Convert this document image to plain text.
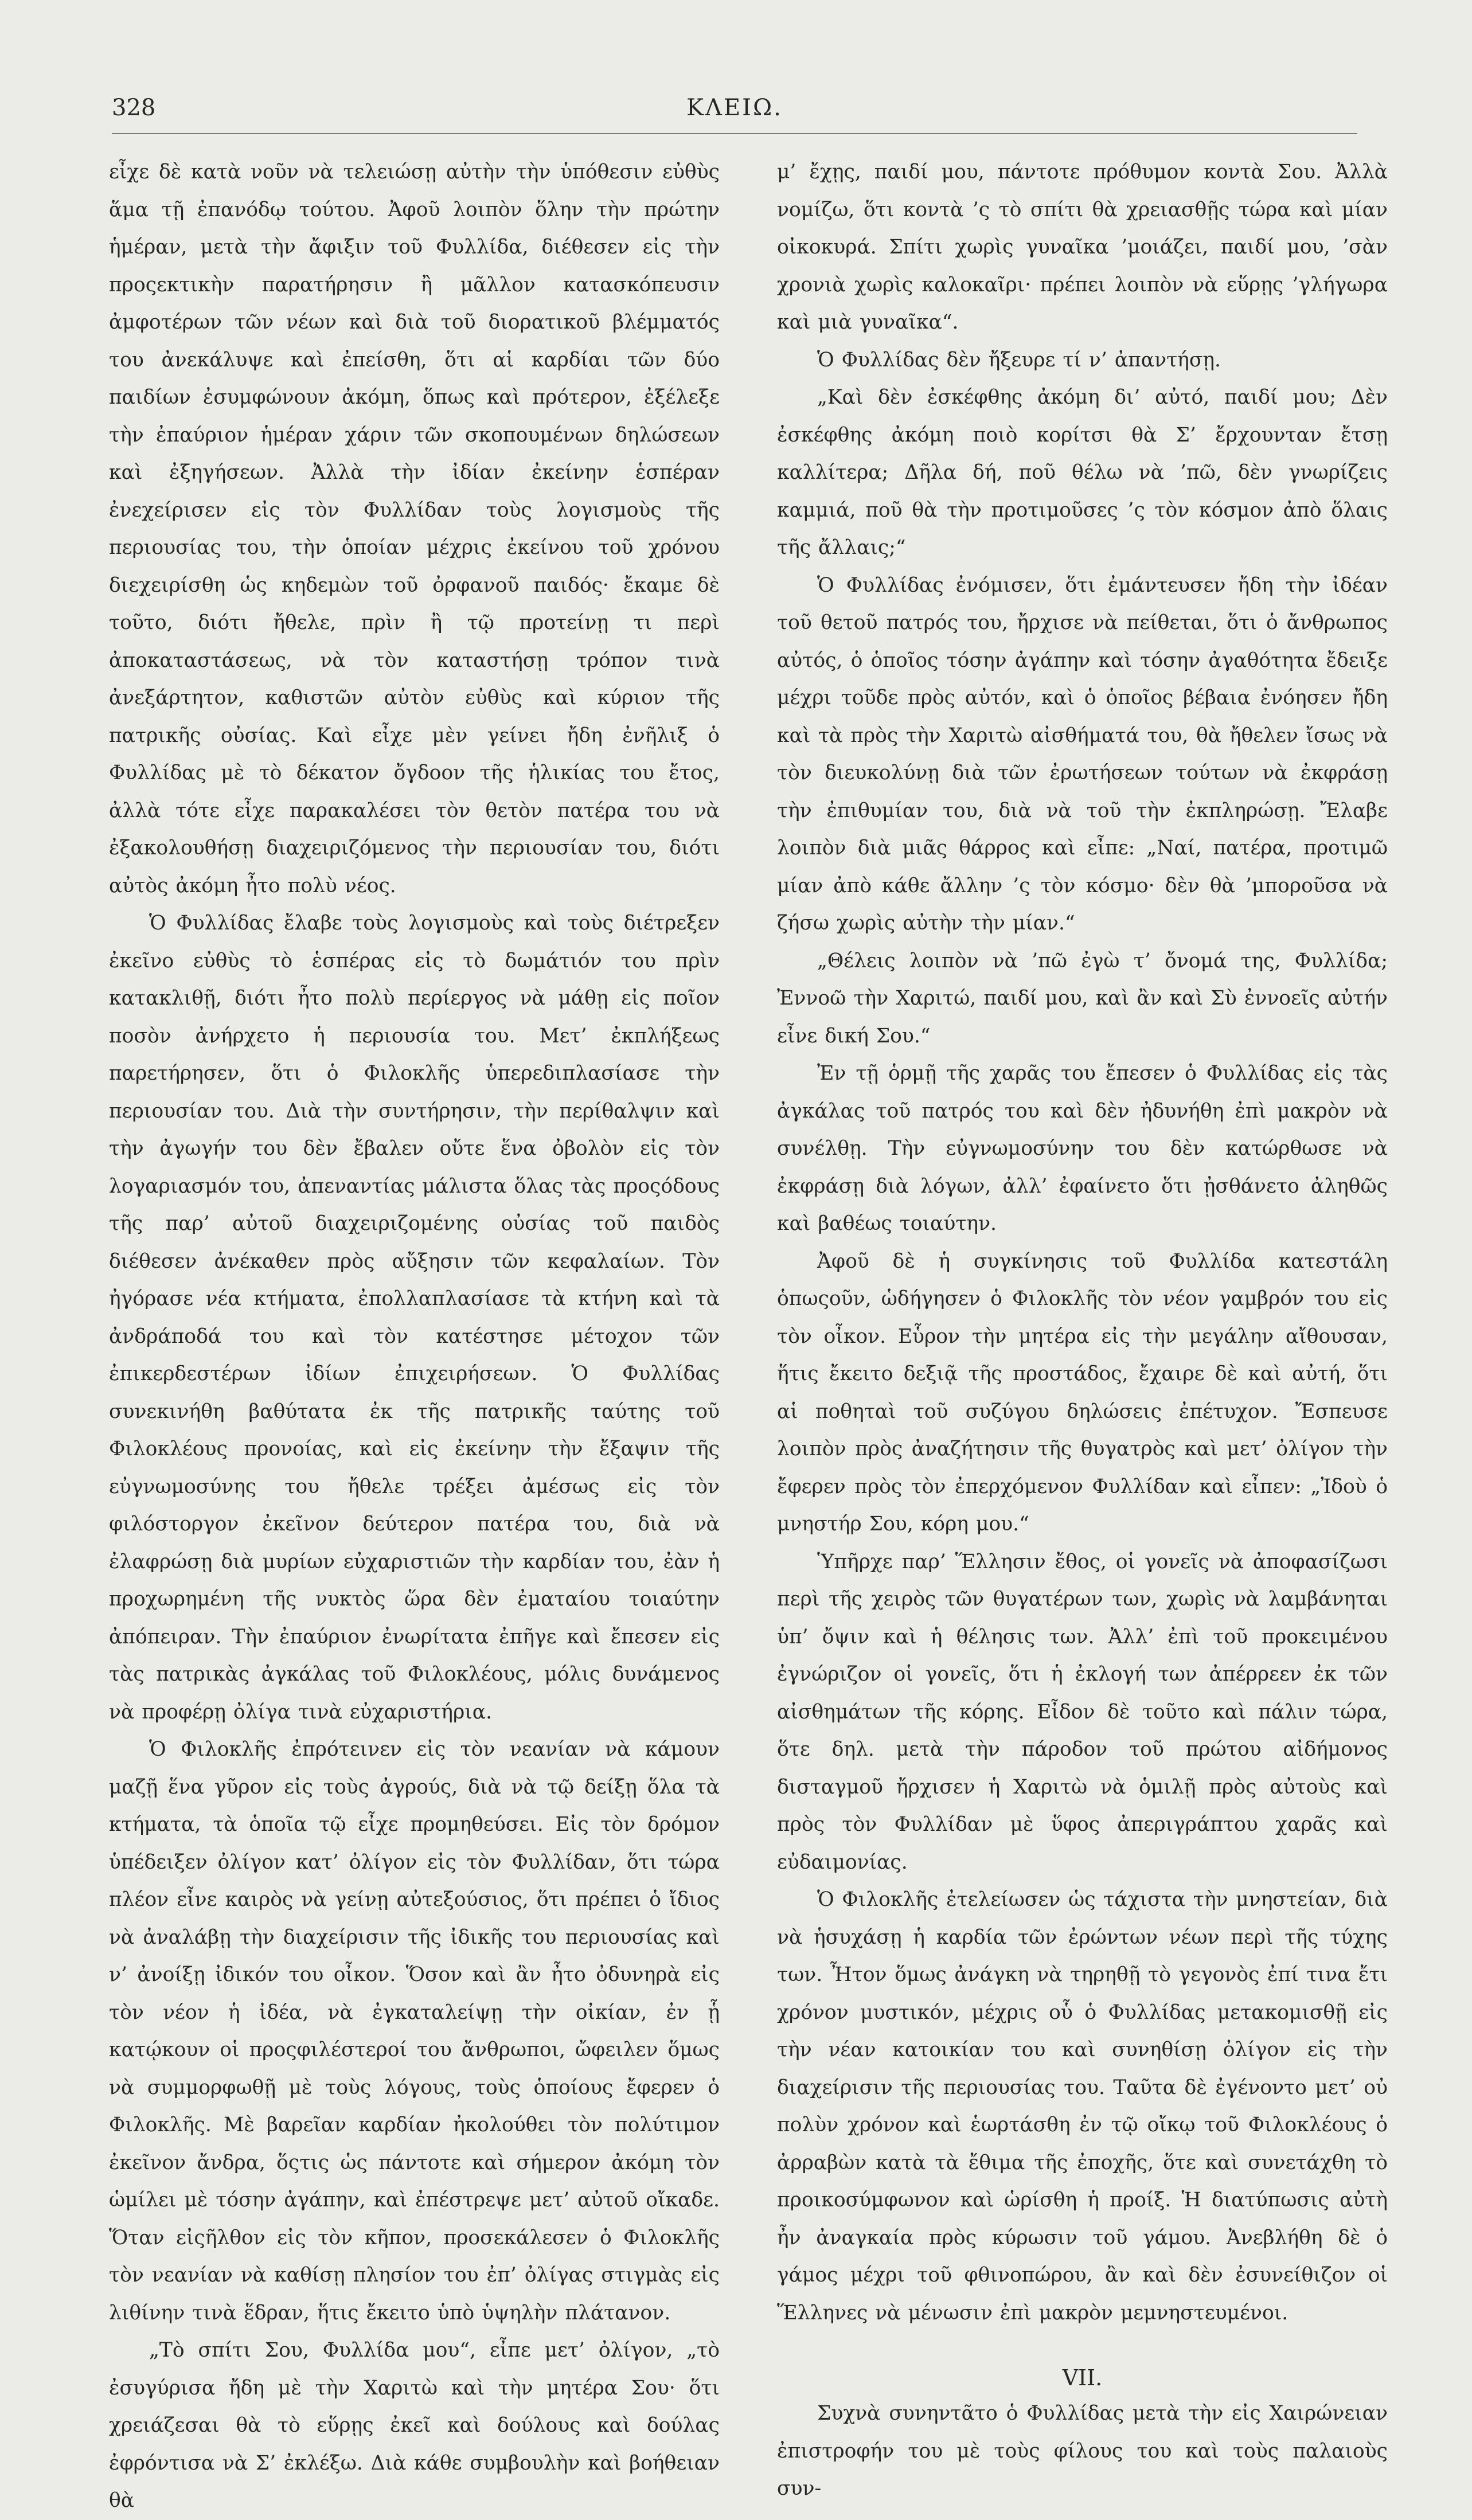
328	ΚΛΕΙΩ.

εἶχε δὲ κατὰ νοῦν νὰ τελειώσῃ αὐτὴν τὴν ὑπόθεσιν εὐθὺς ἅμα τῇ ἐπανόδῳ τούτου. Ἀφοῦ λοιπὸν ὅλην τὴν πρώτην ἡμέραν, μετὰ τὴν ἄφιξιν τοῦ Φυλλίδα, διέθεσεν εἰς τὴν προςεκτικὴν παρατήρησιν ἢ μᾶλλον κατασκόπευσιν ἀμφοτέρων τῶν νέων καὶ διὰ τοῦ διορατικοῦ βλέμματός του ἀνεκάλυψε καὶ ἐπείσθη, ὅτι αἱ καρδίαι τῶν δύο παιδίων ἐσυμφώνουν ἀκόμη, ὅπως καὶ πρότερον, ἐξέλεξε τὴν ἐπαύριον ἡμέραν χάριν τῶν σκοπουμένων δηλώσεων καὶ ἐξηγήσεων. Ἀλλὰ τὴν ἰδίαν ἐκείνην ἑσπέραν ἐνεχείρισεν εἰς τὸν Φυλλίδαν τοὺς λογισμοὺς τῆς περιουσίας του, τὴν ὁποίαν μέχρις ἐκείνου τοῦ χρόνου διεχειρίσθη ὡς κηδεμὼν τοῦ ὀρφανοῦ παιδός· ἔκαμε δὲ τοῦτο, διότι ἤθελε, πρὶν ἢ τῷ προτείνῃ τι περὶ ἀποκαταστάσεως, νὰ τὸν καταστήσῃ τρόπον τινὰ ἀνεξάρτητον, καθιστῶν αὐτὸν εὐθὺς καὶ κύριον τῆς πατρικῆς οὐσίας. Καὶ εἶχε μὲν γείνει ἤδη ἐνῆλιξ ὁ Φυλλίδας μὲ τὸ δέκατον ὄγδοον τῆς ἡλικίας του ἔτος, ἀλλὰ τότε εἶχε παρακαλέσει τὸν θετὸν πατέρα του νὰ ἐξακολουθήσῃ διαχειριζόμενος τὴν περιουσίαν του, διότι αὐτὸς ἀκόμη ἦτο πολὺ νέος.

Ὁ Φυλλίδας ἔλαβε τοὺς λογισμοὺς καὶ τοὺς διέτρεξεν ἐκεῖνο εὐθὺς τὸ ἑσπέρας εἰς τὸ δωμάτιόν του πρὶν κατακλιθῇ, διότι ἦτο πολὺ περίεργος νὰ μάθῃ εἰς ποῖον ποσὸν ἀνήρχετο ἡ περιουσία του. Μετ’ ἐκπλήξεως παρετήρησεν, ὅτι ὁ Φιλοκλῆς ὑπερεδιπλασίασε τὴν περιουσίαν του. Διὰ τὴν συντήρησιν, τὴν περίθαλψιν καὶ τὴν ἀγωγήν του δὲν ἔβαλεν οὔτε ἕνα ὀβολὸν εἰς τὸν λογαριασμόν του, ἀπεναντίας μάλιστα ὅλας τὰς προςόδους τῆς παρ’ αὐτοῦ διαχειριζομένης οὐσίας τοῦ παιδὸς διέθεσεν ἀνέκαθεν πρὸς αὔξησιν τῶν κεφαλαίων. Τὸν ἠγόρασε νέα κτήματα, ἐπολλαπλασίασε τὰ κτήνη καὶ τὰ ἀνδράποδά του καὶ τὸν κατέστησε μέτοχον τῶν ἐπικερδεστέρων ἰδίων ἐπιχειρήσεων. Ὁ Φυλλίδας συνεκινήθη βαθύτατα ἐκ τῆς πατρικῆς ταύτης τοῦ Φιλοκλέους προνοίας, καὶ εἰς ἐκείνην τὴν ἔξαψιν τῆς εὐγνωμοσύνης του ἤθελε τρέξει ἀμέσως εἰς τὸν φιλόστοργον ἐκεῖνον δεύτερον πατέρα του, διὰ νὰ ἐλαφρώσῃ διὰ μυρίων εὐχαριστιῶν τὴν καρδίαν του, ἐὰν ἡ προχωρημένη τῆς νυκτὸς ὥρα δὲν ἐματαίου τοιαύτην ἀπόπειραν. Τὴν ἐπαύριον ἐνωρίτατα ἐπῆγε καὶ ἔπεσεν εἰς τὰς πατρικὰς ἀγκάλας τοῦ Φιλοκλέους, μόλις δυνάμενος νὰ προφέρῃ ὀλίγα τινὰ εὐχαριστήρια.

Ὁ Φιλοκλῆς ἐπρότεινεν εἰς τὸν νεανίαν νὰ κάμουν μαζῇ ἕνα γῦρον εἰς τοὺς ἀγρούς, διὰ νὰ τῷ δείξῃ ὅλα τὰ κτήματα, τὰ ὁποῖα τῷ εἶχε προμηθεύσει. Εἰς τὸν δρόμον ὑπέδειξεν ὀλίγον κατ’ ὀλίγον εἰς τὸν Φυλλίδαν, ὅτι τώρα πλέον εἶνε καιρὸς νὰ γείνῃ αὐτεξούσιος, ὅτι πρέπει ὁ ἴδιος νὰ ἀναλάβῃ τὴν διαχείρισιν τῆς ἰδικῆς του περιουσίας καὶ ν’ ἀνοίξῃ ἰδικόν του οἶκον. Ὅσον καὶ ἂν ἦτο ὀδυνηρὰ εἰς τὸν νέον ἡ ἰδέα, νὰ ἐγκαταλείψῃ τὴν οἰκίαν, ἐν ᾗ κατῴκουν οἱ προςφιλέστεροί του ἄνθρωποι, ὤφειλεν ὅμως νὰ συμμορφωθῇ μὲ τοὺς λόγους, τοὺς ὁποίους ἔφερεν ὁ Φιλοκλῆς. Μὲ βαρεῖαν καρδίαν ἠκολούθει τὸν πολύτιμον ἐκεῖνον ἄνδρα, ὅςτις ὡς πάντοτε καὶ σήμερον ἀκόμη τὸν ὡμίλει μὲ τόσην ἀγάπην, καὶ ἐπέστρεψε μετ’ αὐτοῦ οἴκαδε. Ὅταν εἰςῆλθον εἰς τὸν κῆπον, προσεκάλεσεν ὁ Φιλοκλῆς τὸν νεανίαν νὰ καθίσῃ πλησίον του ἐπ’ ὀλίγας στιγμὰς εἰς λιθίνην τινὰ ἕδραν, ἥτις ἔκειτο ὑπὸ ὑψηλὴν πλάτανον.

„Τὸ σπίτι Σου, Φυλλίδα μου“, εἶπε μετ’ ὀλίγον, „τὸ ἐσυγύρισα ἤδη μὲ τὴν Χαριτὼ καὶ τὴν μητέρα Σου· ὅτι χρειάζεσαι θὰ τὸ εὕρῃς ἐκεῖ καὶ δούλους καὶ δούλας ἐφρόντισα νὰ Σ’ ἐκλέξω. Διὰ κάθε συμβουλὴν καὶ βοήθειαν θὰ

μ’ ἔχῃς, παιδί μου, πάντοτε πρόθυμον κοντὰ Σου. Ἀλλὰ νομίζω, ὅτι κοντὰ ’ς τὸ σπίτι θὰ χρειασθῇς τώρα καὶ μίαν οἰκοκυρά. Σπίτι χωρὶς γυναῖκα ’μοιάζει, παιδί μου, ’σὰν χρονιὰ χωρὶς καλοκαῖρι· πρέπει λοιπὸν νὰ εὕρῃς ’γλήγωρα καὶ μιὰ γυναῖκα“.

Ὁ Φυλλίδας δὲν ἤξευρε τί ν’ ἀπαντήσῃ.

„Καὶ δὲν ἐσκέφθης ἀκόμη δι’ αὐτό, παιδί μου; Δὲν ἐσκέφθης ἀκόμη ποιὸ κορίτσι θὰ Σ’ ἔρχουνταν ἔτσῃ καλλίτερα; Δῆλα δή, ποῦ θέλω νὰ ’πῶ, δὲν γνωρίζεις καμμιά, ποῦ θὰ τὴν προτιμοῦσες ’ς τὸν κόσμον ἀπὸ ὅλαις τῆς ἄλλαις;“

Ὁ Φυλλίδας ἐνόμισεν, ὅτι ἐμάντευσεν ἤδη τὴν ἰδέαν τοῦ θετοῦ πατρός του, ἤρχισε νὰ πείθεται, ὅτι ὁ ἄνθρωπος αὐτός, ὁ ὁποῖος τόσην ἀγάπην καὶ τόσην ἀγαθότητα ἔδειξε μέχρι τοῦδε πρὸς αὐτόν, καὶ ὁ ὁποῖος βέβαια ἐνόησεν ἤδη καὶ τὰ πρὸς τὴν Χαριτὼ αἰσθήματά του, θὰ ἤθελεν ἴσως νὰ τὸν διευκολύνῃ διὰ τῶν ἐρωτήσεων τούτων νὰ ἐκφράσῃ τὴν ἐπιθυμίαν του, διὰ νὰ τοῦ τὴν ἐκπληρώσῃ. Ἔλαβε λοιπὸν διὰ μιᾶς θάρρος καὶ εἶπε: „Ναί, πατέρα, προτιμῶ μίαν ἀπὸ κάθε ἄλλην ’ς τὸν κόσμο· δὲν θὰ ’μποροῦσα νὰ ζήσω χωρὶς αὐτὴν τὴν μίαν.“

„Θέλεις λοιπὸν νὰ ’πῶ ἐγὼ τ’ ὄνομά της, Φυλλίδα; Ἐννοῶ τὴν Χαριτώ, παιδί μου, καὶ ἂν καὶ Σὺ ἐννοεῖς αὐτήν εἶνε δική Σου.“

Ἐν τῇ ὁρμῇ τῆς χαρᾶς του ἔπεσεν ὁ Φυλλίδας εἰς τὰς ἀγκάλας τοῦ πατρός του καὶ δὲν ἠδυνήθη ἐπὶ μακρὸν νὰ συνέλθῃ. Τὴν εὐγνωμοσύνην του δὲν κατώρθωσε νὰ ἐκφράσῃ διὰ λόγων, ἀλλ’ ἐφαίνετο ὅτι ᾐσθάνετο ἀληθῶς καὶ βαθέως τοιαύτην.

Ἀφοῦ δὲ ἡ συγκίνησις τοῦ Φυλλίδα κατεστάλη ὁπωςοῦν, ὡδήγησεν ὁ Φιλοκλῆς τὸν νέον γαμβρόν του εἰς τὸν οἶκον. Εὗρον τὴν μητέρα εἰς τὴν μεγάλην αἴθουσαν, ἥτις ἔκειτο δεξιᾷ τῆς προστάδος, ἔχαιρε δὲ καὶ αὐτή, ὅτι αἱ ποθηταὶ τοῦ συζύγου δηλώσεις ἐπέτυχον. Ἔσπευσε λοιπὸν πρὸς ἀναζήτησιν τῆς θυγατρὸς καὶ μετ’ ὀλίγον τὴν ἔφερεν πρὸς τὸν ἐπερχόμενον Φυλλίδαν καὶ εἶπεν: „Ἰδοὺ ὁ μνηστήρ Σου, κόρη μου.“

Ὑπῆρχε παρ’ Ἕλλησιν ἔθος, οἱ γονεῖς νὰ ἀποφασίζωσι περὶ τῆς χειρὸς τῶν θυγατέρων των, χωρὶς νὰ λαμβάνηται ὑπ’ ὄψιν καὶ ἡ θέλησις των. Ἀλλ’ ἐπὶ τοῦ προκειμένου ἐγνώριζον οἱ γονεῖς, ὅτι ἡ ἐκλογή των ἀπέρρεεν ἐκ τῶν αἰσθημάτων τῆς κόρης. Εἶδον δὲ τοῦτο καὶ πάλιν τώρα, ὅτε δηλ. μετὰ τὴν πάροδον τοῦ πρώτου αἰδήμονος δισταγμοῦ ἤρχισεν ἡ Χαριτὼ νὰ ὁμιλῇ πρὸς αὐτοὺς καὶ πρὸς τὸν Φυλλίδαν μὲ ὕφος ἀπεριγράπτου χαρᾶς καὶ εὐδαιμονίας.

Ὁ Φιλοκλῆς ἐτελείωσεν ὡς τάχιστα τὴν μνηστείαν, διὰ νὰ ἡσυχάσῃ ἡ καρδία τῶν ἐρώντων νέων περὶ τῆς τύχης των. Ἦτον ὅμως ἀνάγκη νὰ τηρηθῇ τὸ γεγονὸς ἐπί τινα ἔτι χρόνον μυστικόν, μέχρις οὗ ὁ Φυλλίδας μετακομισθῇ εἰς τὴν νέαν κατοικίαν του καὶ συνηθίσῃ ὀλίγον εἰς τὴν διαχείρισιν τῆς περιουσίας του. Ταῦτα δὲ ἐγένοντο μετ’ οὐ πολὺν χρόνον καὶ ἑωρτάσθη ἐν τῷ οἴκῳ τοῦ Φιλοκλέους ὁ ἀρραβὼν κατὰ τὰ ἔθιμα τῆς ἐποχῆς, ὅτε καὶ συνετάχθη τὸ προικοσύμφωνον καὶ ὡρίσθη ἡ προίξ. Ἡ διατύπωσις αὐτὴ ἦν ἀναγκαία πρὸς κύρωσιν τοῦ γάμου. Ἀνεβλήθη δὲ ὁ γάμος μέχρι τοῦ φθινοπώρου, ἂν καὶ δὲν ἐσυνείθιζον οἱ Ἕλληνες νὰ μένωσιν ἐπὶ μακρὸν μεμνηστευμένοι.

VII.

Συχνὰ συνηντᾶτο ὁ Φυλλίδας μετὰ τὴν εἰς Χαιρώνειαν ἐπιστροφήν του μὲ τοὺς φίλους του καὶ τοὺς παλαιοὺς συν-
